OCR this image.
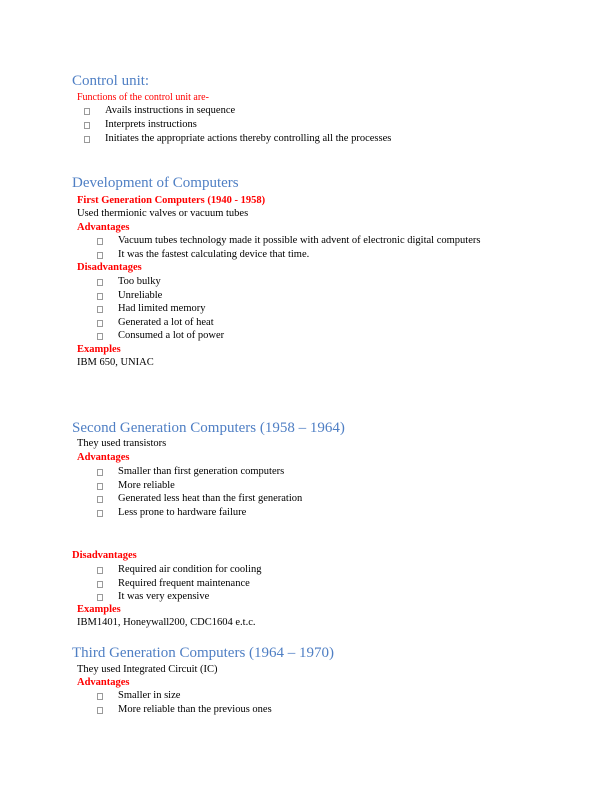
Control unit:
Functions of the control unit are-
Avails instructions in sequence
Interprets instructions
Initiates the appropriate actions thereby controlling all the processes
Development of Computers
First Generation Computers (1940 - 1958)
Used thermionic valves or vacuum tubes
Advantages
Vacuum tubes technology made it possible with advent of electronic digital computers
It was the fastest calculating device that time.
Disadvantages
Too bulky
Unreliable
Had limited memory
Generated a lot of heat
Consumed a lot of power
Examples
IBM 650, UNIAC
Second Generation Computers (1958 – 1964)
They used transistors
Advantages
Smaller than first generation computers
More reliable
Generated less heat than the first generation
Less prone to hardware failure
Disadvantages
Required air condition for cooling
Required frequent maintenance
It was very expensive
Examples
IBM1401, Honeywall200, CDC1604 e.t.c.
Third Generation Computers (1964 – 1970)
They used Integrated Circuit (IC)
Advantages
Smaller in size
More reliable than the previous ones
